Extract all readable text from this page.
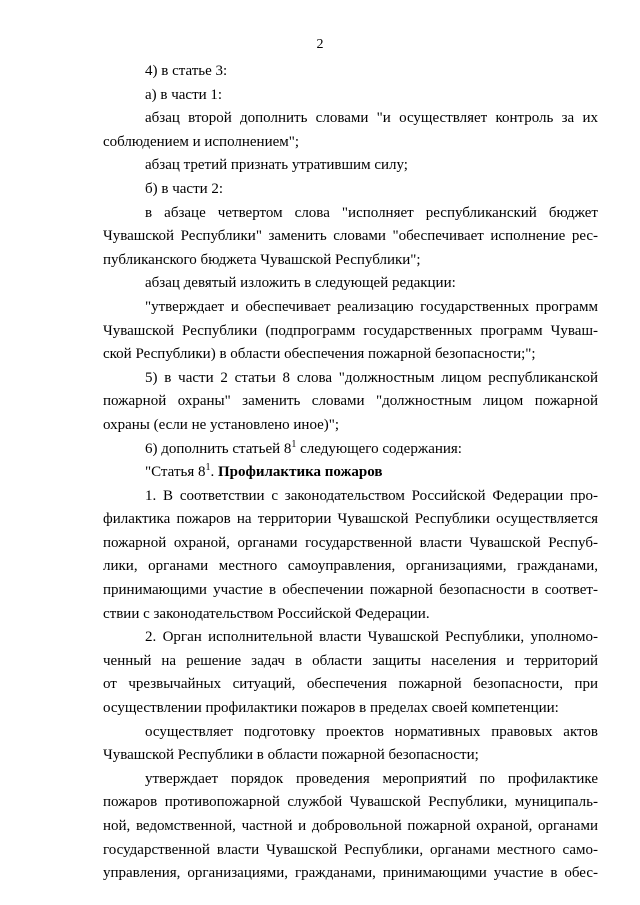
2
4) в статье 3:
а) в части 1:
абзац второй дополнить словами "и осуществляет контроль за их
соблюдением и исполнением";
абзац третий признать утратившим силу;
б) в части 2:
в абзаце четвертом слова "исполняет республиканский бюджет
Чувашской Республики" заменить словами "обеспечивает исполнение рес-
публиканского бюджета Чувашской Республики";
абзац девятый изложить в следующей редакции:
"утверждает и обеспечивает реализацию государственных программ
Чувашской Республики (подпрограмм государственных программ Чуваш-
ской Республики) в области обеспечения пожарной безопасности;";
5) в части 2 статьи 8 слова "должностным лицом республиканской
пожарной охраны" заменить словами "должностным лицом пожарной
охраны (если не установлено иное)";
6) дополнить статьей $8^1$ следующего содержания:
"Статья $8^1$. Профилактика пожаров
1. В соответствии с законодательством Российской Федерации про-
филактика пожаров на территории Чувашской Республики осуществляется
пожарной охраной, органами государственной власти Чувашской Респуб-
лики, органами местного самоуправления, организациями, гражданами,
принимающими участие в обеспечении пожарной безопасности в соответ-
ствии с законодательством Российской Федерации.
2. Орган исполнительной власти Чувашской Республики, уполномо-
ченный на решение задач в области защиты населения и территорий
от чрезвычайных ситуаций, обеспечения пожарной безопасности, при
осуществлении профилактики пожаров в пределах своей компетенции:
осуществляет подготовку проектов нормативных правовых актов
Чувашской Республики в области пожарной безопасности;
утверждает порядок проведения мероприятий по профилактике
пожаров противопожарной службой Чувашской Республики, муниципаль-
ной, ведомственной, частной и добровольной пожарной охраной, органами
государственной власти Чувашской Республики, органами местного само-
управления, организациями, гражданами, принимающими участие в обес-
